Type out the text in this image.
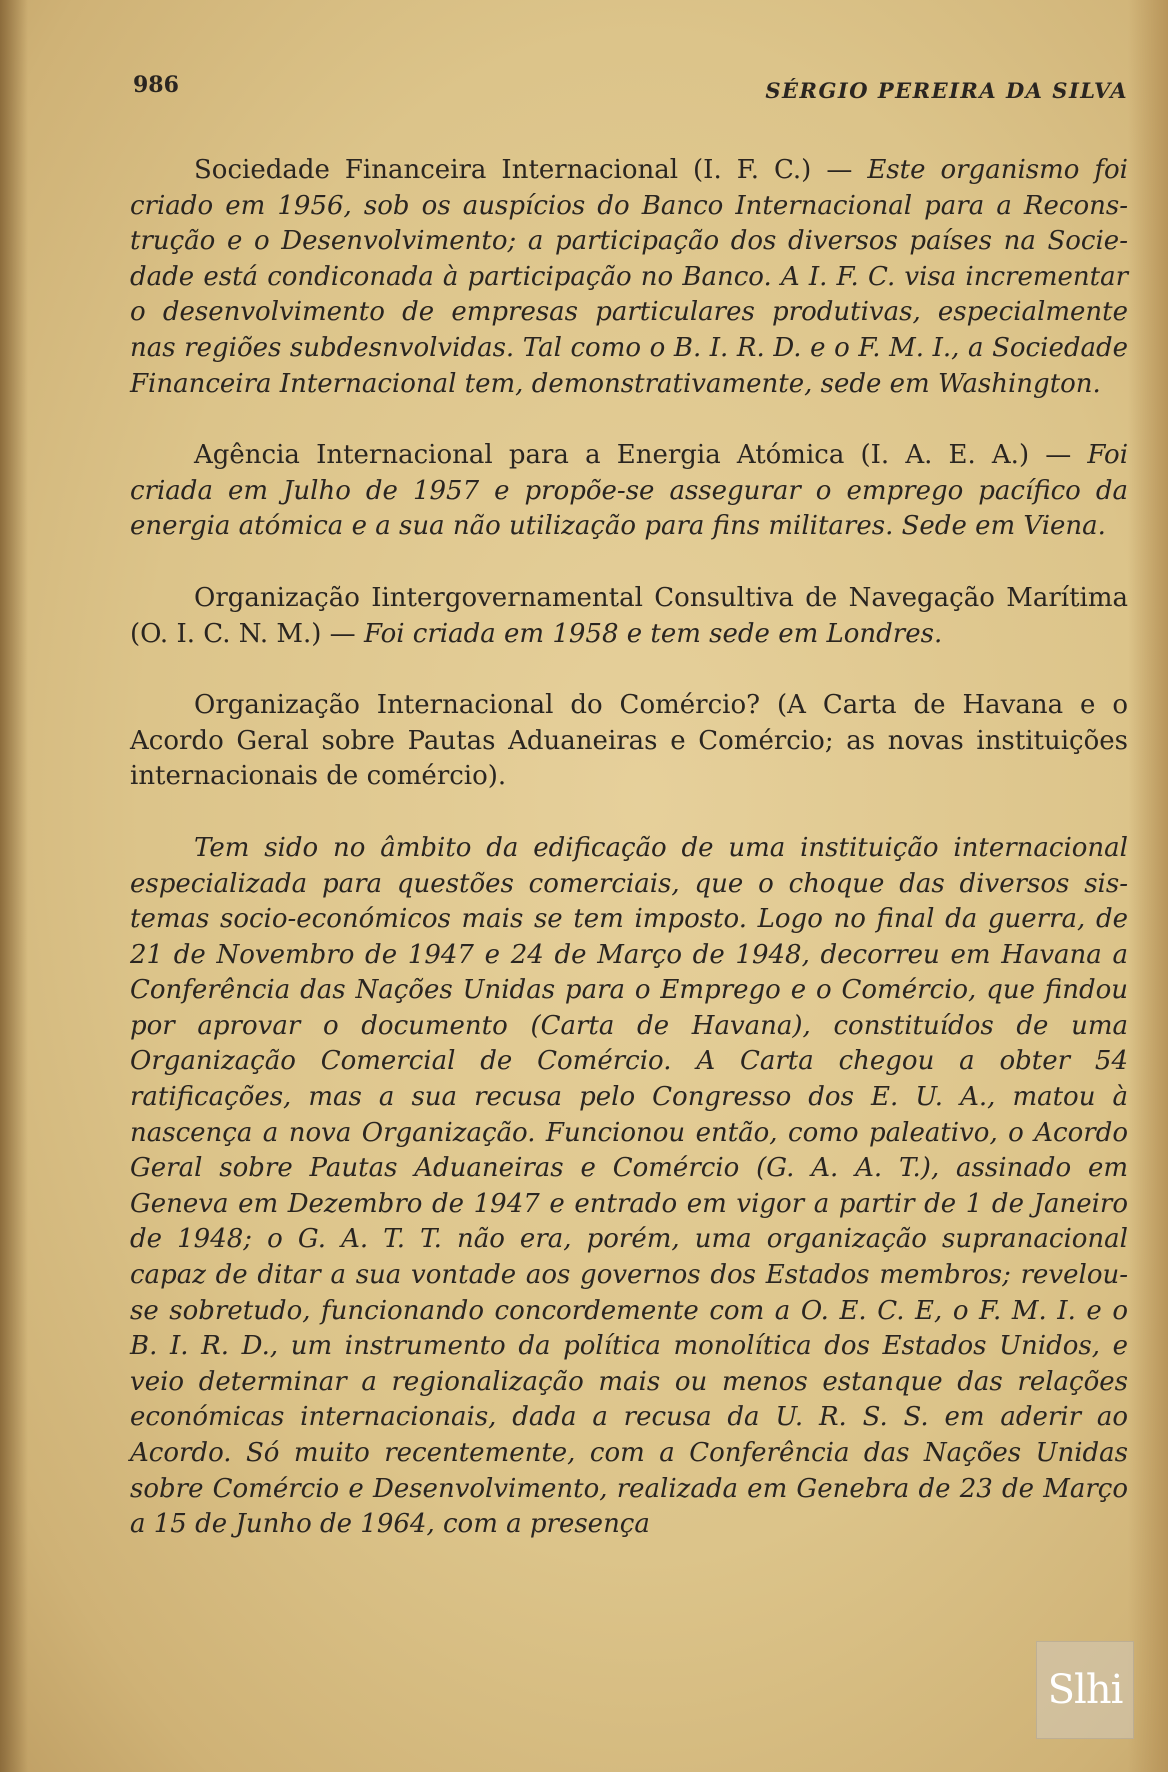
986	SÉRGIO PEREIRA DA SILVA

Sociedade Financeira Internacional (I. F. C.) — Este organismo foi criado em 1956, sob os auspícios do Banco Internacional para a Reconstrução e o Desenvolvimento; a participação dos diversos países na Sociedade está condiconada à participação no Banco. A I. F. C. visa incrementar o desenvolvimento de empresas particulares produtivas, especialmente nas regiões subdesnvolvidas. Tal como o B. I. R. D. e o F. M. I., a Sociedade Financeira Internacional tem, demonstrativamente, sede em Washington.

Agência Internacional para a Energia Atómica (I. A. E. A.) — Foi criada em Julho de 1957 e propõe-se assegurar o emprego pacífico da energia atómica e a sua não utilização para fins militares. Sede em Viena.

Organização Iintergovernamental Consultiva de Navegação Marítima (O. I. C. N. M.) — Foi criada em 1958 e tem sede em Londres.

Organização Internacional do Comércio? (A Carta de Havana e o Acordo Geral sobre Pautas Aduaneiras e Comércio; as novas instituições internacionais de comércio).

Tem sido no âmbito da edificação de uma instituição internacional especializada para questões comerciais, que o choque das diversos sistemas socio-económicos mais se tem imposto. Logo no final da guerra, de 21 de Novembro de 1947 e 24 de Março de 1948, decorreu em Havana a Conferência das Nações Unidas para o Emprego e o Comércio, que findou por aprovar o documento (Carta de Havana), constituídos de uma Organização Comercial de Comércio. A Carta chegou a obter 54 ratificações, mas a sua recusa pelo Congresso dos E. U. A., matou à nascença a nova Organização. Funcionou então, como paleativo, o Acordo Geral sobre Pautas Aduaneiras e Comércio (G. A. A. T.), assinado em Geneva em Dezembro de 1947 e entrado em vigor a partir de 1 de Janeiro de 1948; o G. A. T. T. não era, porém, uma organização supranacional capaz de ditar a sua vontade aos governos dos Estados membros; revelou-se sobretudo, funcionando concordemente com a O. E. C. E, o F. M. I. e o B. I. R. D., um instrumento da política monolítica dos Estados Unidos, e veio determinar a regionalização mais ou menos estanque das relações económicas internacionais, dada a recusa da U. R. S. S. em aderir ao Acordo. Só muito recentemente, com a Conferência das Nações Unidas sobre Comércio e Desenvolvimento, realizada em Genebra de 23 de Março a 15 de Junho de 1964, com a presença

Slhi
